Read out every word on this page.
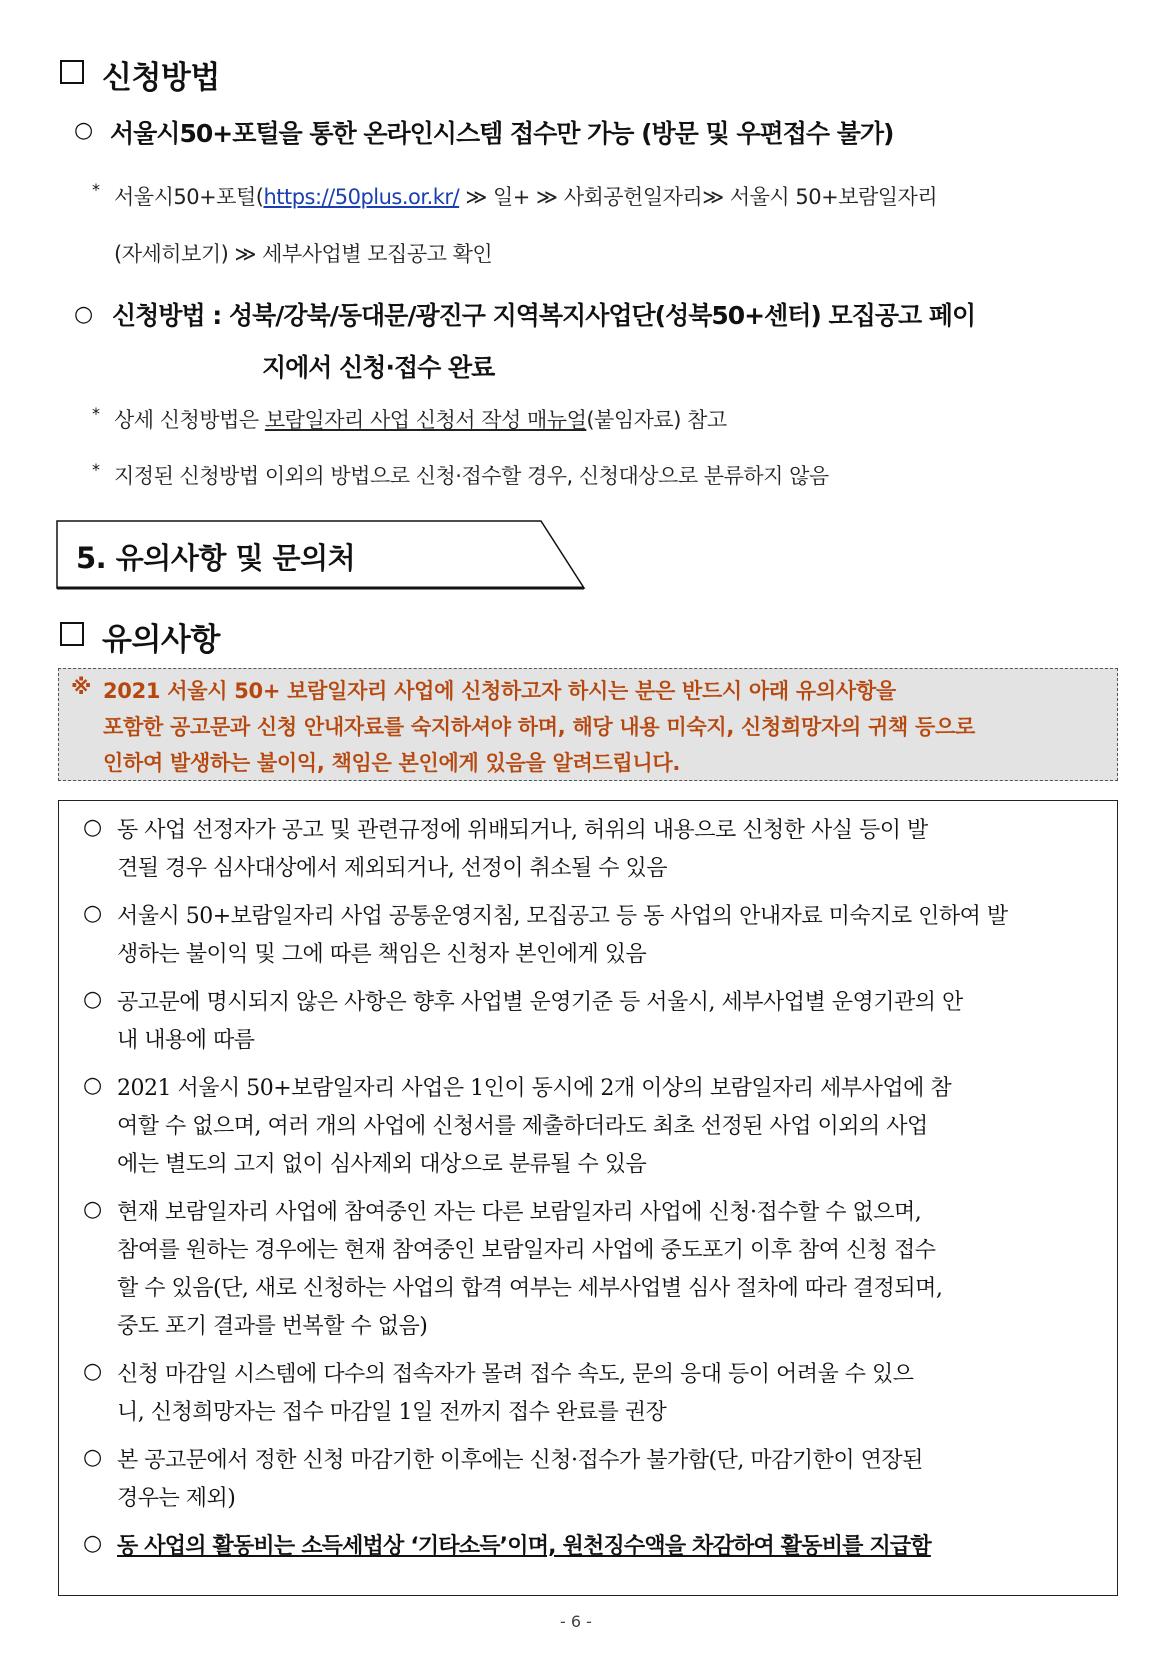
신청방법
○ 서울시50+포털을 통한 온라인시스템 접수만 가능 (방문 및 우편접수 불가)
* 서울시50+포털(https://50plus.or.kr/ ≫ 일+ ≫ 사회공헌일자리≫ 서울시 50+보람일자리
(자세히보기) ≫ 세부사업별 모집공고 확인
○ 신청방법 : 성북/강북/동대문/광진구 지역복지사업단(성북50+센터) 모집공고 페이
지에서 신청·접수 완료
* 상세 신청방법은 보람일자리 사업 신청서 작성 매뉴얼(붙임자료) 참고
* 지정된 신청방법 이외의 방법으로 신청·접수할 경우, 신청대상으로 분류하지 않음
5. 유의사항 및 문의처
유의사항
※ 2021 서울시 50+ 보람일자리 사업에 신청하고자 하시는 분은 반드시 아래 유의사항을
포함한 공고문과 신청 안내자료를 숙지하셔야 하며, 해당 내용 미숙지, 신청희망자의 귀책 등으로
인하여 발생하는 불이익, 책임은 본인에게 있음을 알려드립니다.
○ 동 사업 선정자가 공고 및 관련규정에 위배되거나, 허위의 내용으로 신청한 사실 등이 발
견될 경우 심사대상에서 제외되거나, 선정이 취소될 수 있음
○ 서울시 50+보람일자리 사업 공통운영지침, 모집공고 등 동 사업의 안내자료 미숙지로 인하여 발
생하는 불이익 및 그에 따른 책임은 신청자 본인에게 있음
○ 공고문에 명시되지 않은 사항은 향후 사업별 운영기준 등 서울시, 세부사업별 운영기관의 안
내 내용에 따름
○ 2021 서울시 50+보람일자리 사업은 1인이 동시에 2개 이상의 보람일자리 세부사업에 참
여할 수 없으며, 여러 개의 사업에 신청서를 제출하더라도 최초 선정된 사업 이외의 사업
에는 별도의 고지 없이 심사제외 대상으로 분류될 수 있음
○ 현재 보람일자리 사업에 참여중인 자는 다른 보람일자리 사업에 신청·접수할 수 없으며,
참여를 원하는 경우에는 현재 참여중인 보람일자리 사업에 중도포기 이후 참여 신청 접수
할 수 있음(단, 새로 신청하는 사업의 합격 여부는 세부사업별 심사 절차에 따라 결정되며,
중도 포기 결과를 번복할 수 없음)
○ 신청 마감일 시스템에 다수의 접속자가 몰려 접수 속도, 문의 응대 등이 어려울 수 있으
니, 신청희망자는 접수 마감일 1일 전까지 접수 완료를 권장
○ 본 공고문에서 정한 신청 마감기한 이후에는 신청·접수가 불가함(단, 마감기한이 연장된
경우는 제외)
○ 동 사업의 활동비는 소득세법상 ‘기타소득’이며, 원천징수액을 차감하여 활동비를 지급함
- 6 -
